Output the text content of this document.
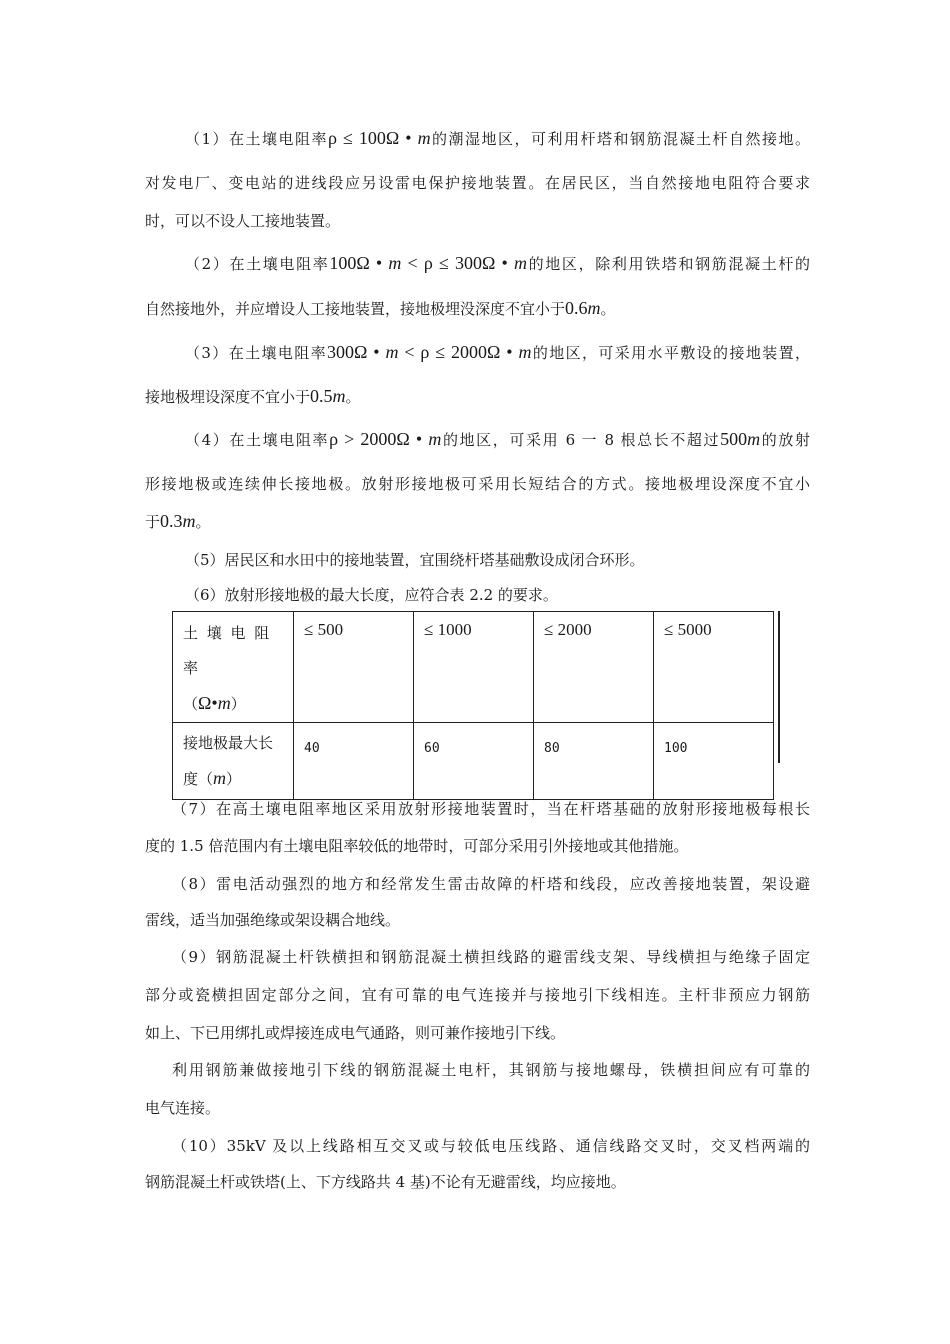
（1）在土壤电阻率ρ ≤ 100Ω • m的潮湿地区，可利用杆塔和钢筋混凝土杆自然接地。

对发电厂、变电站的进线段应另设雷电保护接地装置。在居民区，当自然接地电阻符合要求

时，可以不设人工接地装置。

（2）在土壤电阻率100Ω • m < ρ ≤ 300Ω • m的地区，除利用铁塔和钢筋混凝土杆的

自然接地外，并应增设人工接地装置，接地极埋没深度不宜小于0.6m。

（3）在土壤电阻率300Ω • m < ρ ≤ 2000Ω • m的地区，可采用水平敷设的接地装置，

接地极埋设深度不宜小于0.5m。

（4）在土壤电阻率ρ > 2000Ω • m的地区，可采用 6 一 8 根总长不超过500m的放射

形接地极或连续伸长接地极。放射形接地极可采用长短结合的方式。接地极埋设深度不宜小

于0.3m。

（5）居民区和水田中的接地装置，宜围绕杆塔基础敷设成闭合环形。

（6）放射形接地极的最大长度，应符合表 2.2 的要求。

土 壤 电 阻 率
（Ω•m）	≤ 500	≤ 1000	≤ 2000	≤ 5000

接地极最大长
度（m）	40	60	80	100

（7）在高土壤电阻率地区采用放射形接地装置时，当在杆塔基础的放射形接地极每根长

度的 1.5 倍范围内有土壤电阻率较低的地带时，可部分采用引外接地或其他措施。

（8）雷电活动强烈的地方和经常发生雷击故障的杆塔和线段，应改善接地装置，架设避

雷线，适当加强绝缘或架设耦合地线。

（9）钢筋混凝土杆铁横担和钢筋混凝土横担线路的避雷线支架、导线横担与绝缘子固定

部分或瓷横担固定部分之间，宜有可靠的电气连接并与接地引下线相连。主杆非预应力钢筋

如上、下已用绑扎或焊接连成电气通路，则可兼作接地引下线。

利用钢筋兼做接地引下线的钢筋混凝土电杆，其钢筋与接地螺母，铁横担间应有可靠的

电气连接。

（10）35kV 及以上线路相互交叉或与较低电压线路、通信线路交叉时，交叉档两端的

钢筋混凝土杆或铁塔(上、下方线路共 4 基)不论有无避雷线，均应接地。
